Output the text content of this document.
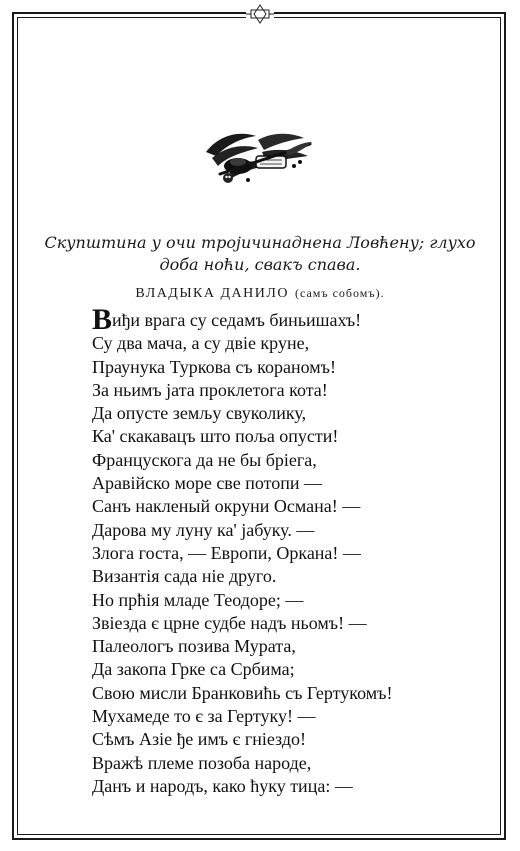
Скупштина у очи тројичинаднена Ловћену; глухо
доба ноћи, свакъ спава.
ВЛАДЫКА ДАНИЛО (самъ собомъ).
Виђи врага су седамъ биньишахъ!
Су два мача, а су двіе круне,
Праунука Туркова съ кораномъ!
За ньимъ јата проклетога кота!
Да опусте земљу свуколику,
Ка' скакавацъ што поља опусти!
Францускога да не бы бріега,
Аравійско море све потопи —
Санъ накленый окруни Османа! —
Дарова му луну ка' јабуку. —
Злога госта, — Европи, Оркана! —
Византія сада ніе друго.
Но прћія младе Теодоре; —
Звіезда є црне судбе надъ ньомъ! —
Палеологъ позива Мурата,
Да закопа Грке са Србима;
Свою мисли Бранковићь съ Гертукомъ!
Мухамеде то є за Гертуку! —
Сѣмъ Азіе ђе имъ є гніездо!
Вражѣ племе позоба народе,
Данъ и народъ, како ћуку тица: —
